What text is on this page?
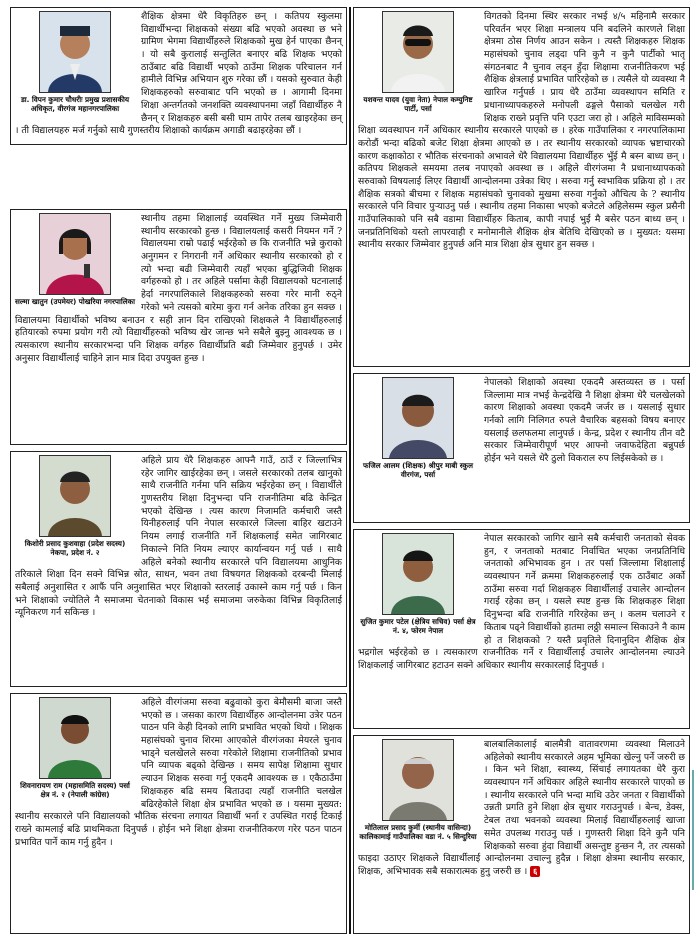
डा. विपन कुमार चौधरीः प्रमुख प्रशासकीय अधिकृत, वीरगंज महानगरपालिका

शैक्षिक क्षेत्रमा धेरै विकृतिहरु छन् । कतिपय स्कुलमा विद्यार्थीभन्दा शिक्षकको संख्या बढि भएको अवस्था छ भने ग्रामिण भेगमा विद्यार्थीहरुले शिक्षकको मुख हेर्न पाएका छैनन् । यो सबै कुरालाई सन्तुलित बनाएर बढि शिक्षक भएको ठाउँबाट बढि विद्यार्थी भएको ठाउँमा शिक्षक परिचालन गर्न हामीले विभिन्न अभियान शुरु गरेका छौं । यसको सुरुवात केही शिक्षकहरुको सरुवाबाट पनि भएको छ । आगामी दिनमा शिक्षा अन्तर्गतको जनशक्ति व्यवस्थापनमा जहाँ विद्यार्थीहरु नै छैनन् र शिक्षकहरु बसी बसी घाम तापेर तलब खाइरहेका छन् । ती विद्यालयहरु मर्ज गर्नुको साथै गुणस्तरीय शिक्षाको कार्यक्रम अगाडी बढाइरहेका छौं ।

सल्मा खातुन (उपमेयर) पोखरिया नगरपालिका

स्थानीय तहमा शिक्षालाई व्यवस्थित गर्ने मुख्य जिम्मेवारी स्थानीय सरकारको हुन्छ । विद्यालयलाई कसरी नियमन गर्ने ? विद्यालयमा राम्रो पढाई भईरहेको छ कि राजनीति भन्ने कुराको अनुगमन र निगरानी गर्ने अधिकार स्थानीय सरकारको हो र त्यो भन्दा बढी जिम्मेवारी त्यहाँ भएका बुद्धिजिवी शिक्षक वर्गहरुको हो । तर अहिले पर्सामा केही विद्यालयको घटनालाई हेर्दा नगरपालिकाले शिक्षकहरुको सरुवा गरेर मानी रुठ्ने गरेको भने त्यसको बारेमा कुरा गर्न अनेक तरिका हुन सक्छ । विद्यालयमा विद्यार्थीको भविष्य बनाउन र सही ज्ञान दिन राखिएको शिक्षकले नै विद्यार्थीहरुलाई हतियारको रुपमा प्रयोग गरी त्यो विद्यार्थीहरुको भविष्य खेर जान्छ भने सबैले बुझ्नु आवश्यक छ । त्यसकारण स्थानीय सरकारभन्दा पनि शिक्षक वर्गहरु विद्यार्थीप्रति बढी जिम्मेवार हुनुपर्छ । उमेर अनुसार विद्यार्थीलाई चाहिने ज्ञान मात्र दिदा उपयुक्त हुन्छ ।

किशोरी प्रसाद कुशवाहा (प्रदेश सदस्य) नेकपा, प्रदेश नं. २

अहिले प्राय धेरै शिक्षकहरु आफ्नै गाउँ, ठाउँ र जिल्लाभित्र रहेर जागिर खाईरहेका छन् । जसले सरकारको तलब खानुको साथै राजनीति गर्नमा पनि सक्रिय भईरहेका छन् । विद्यार्थीले गुणस्तरीय शिक्षा दिनुभन्दा पनि राजनीतिमा बढि केन्द्रित भएको देखिन्छ । त्यस कारण निजामति कर्मचारी जस्तै यिनीहरुलाई पनि नेपाल सरकारले जिल्ला बाहिर खटाउने नियम लगाई राजनीति गर्ने शिक्षकलाई समेत जागिरबाट निकाल्ने निति नियम ल्याएर कार्यान्वयन गर्नु पर्छ । साथै अहिले बनेको स्थानीय सरकारले पनि विद्यालयमा आधुनिक तरिकाले शिक्षा दिन सक्ने विभिन्न स्रोत, साधन, भवन तथा विषयगत शिक्षकको दरबन्दी मिलाई सबैलाई अनुशासित र आफैं पनि अनुशासित भएर शिक्षाको स्तरलाई उकास्ने काम गर्नु पर्छ । किन भने शिक्षाको ज्योतिले नै समाजमा चेतनाको विकास भई समाजमा जरुकेका विभिन्न विकृतिलाई न्यूनिकरण गर्न सकिन्छ ।

शिवनारायण राम (महासमिति सदस्य) पर्सा क्षेत्र नं. २ (नेपाली कांग्रेस)

अहिले वीरगंजमा सरुवा बढुवाको कुरा बेमौसमी बाजा जस्तै भएको छ । जसका कारण विद्यार्थीहरु आन्दोलनमा उत्रेर पठन पाठन पनि केही दिनको लागि प्रभावित भएको थियो । शिक्षक महासंघको चुनाव शिरमा आएकोले वीरगंजका मेयरले चुनाव भाड्ने चलखेलले सरुवा गरेकोले शिक्षामा राजनीतिको प्रभाव पनि व्यापक बढ्को देखिन्छ । समय सापेक्ष शिक्षामा सुधार ल्याउन शिक्षक सरुवा गर्नु एकदमै आवश्यक छ । एकैठाउँमा शिक्षकहरु बढि समय बिताउदा त्यहाँ राजनीति चलखेल बढिरहेकोले शिक्षा क्षेत्र प्रभावित भएको छ । यसमा मुख्यत: स्थानीय सरकारले पनि विद्यालयको भौतिक संरचना लगायत विद्यार्थी भर्ना र उपस्थित गराई टिकाई राख्ने कामलाई बढि प्राथमिकता दिनुपर्छ । होईन भने शिक्षा क्षेत्रमा राजनीतिकरण गरेर पठन पाठन प्रभावित पार्ने काम गर्नु हुदैन ।

यशवन्त यादव (युवा नेता) नेपाल कम्युनिष्ट पार्टी, पर्सा

विगतको दिनमा स्थिर सरकार नभई ४/५ महिनामै सरकार परिवर्तन भएर शिक्षा मन्त्रालय पनि बदलिने कारणले शिक्षा क्षेत्रमा ठोस निर्णय आउन सकेन । त्यस्तै शिक्षकहरु शिक्षक महासंघको चुनाव लड्दा पनि कुनै न कुनै पार्टीको भातृ संगठनबाट नै चुनाव लड्न हुँदा शिक्षामा राजनीतिकरण भई शैक्षिक क्षेत्रलाई प्रभावित पारिरहेको छ । त्यसैले यो व्यवस्था नै खारिज गर्नुपर्छ । प्राय धेरै ठाउँमा व्यवस्थापन समिति र प्रधानाध्यापकहरुले मनोपली ढङ्गले पैसाको चलखेल गरी शिक्षक राख्ने प्रवृत्ति पनि एउटा जरा हो । अहिले माविसम्मको शिक्षा व्यवस्थापन गर्ने अधिकार स्थानीय सरकारले पाएको छ । हरेक गाउँपालिका र नगरपालिकामा करोडौं भन्दा बढिको बजेट शिक्षा क्षेत्रमा आएको छ । तर स्थानीय सरकारको व्यापक भ्रष्टाचारको कारण कक्षाकोठा र भौतिक संरचनाको अभावले धेरै विद्यालयमा विद्यार्थीहरु भुँई मै बस्न बाध्य छन् । कतिपय शिक्षकले समयमा तलब नपाएको अवस्था छ । अहिले वीरगंजमा नै प्रधानाध्यापकको सरुवाको विषयलाई लिएर विद्यार्थी आन्दोलनमा उत्रेका थिए । सरुवा गर्नु स्वभाविक प्रक्रिया हो । तर शैक्षिक सत्रको बीचमा र शिक्षक महासंघको चुनावको मुखमा सरुवा गर्नुको औचित्य के ? स्थानीय सरकारले पनि विचार पुऱ्याउनु पर्छ । स्थानीय तहमा निकासा भएको बजेटले अहिलेसम्म स्कुल प्रसैनी गाउँपालिकाको पनि सबै वडामा विद्यार्थीहरु किताब, कापी नपाई भुईं मै बसेर पठन बाध्य छन् । जनप्रतिनिधिको यस्तो लापरवाही र मनोमानीले शैक्षिक क्षेत्र बेतिथि देखिएको छ । मुख्यत: यसमा स्थानीय सरकार जिम्मेवार हुनुपर्छ अनि मात्र शिक्षा क्षेत्र सुधार हुन सक्छ ।

फजिल आलम (शिक्षक) श्रीपुर माबी स्कुल वीरगंज, पर्सा

नेपालको शिक्षाको अवस्था एकदमै अस्तव्यस्त छ । पर्सा जिल्लामा मात्र नभई केन्द्रदेखि नै शिक्षा क्षेत्रमा धेरै चलखेलको कारण शिक्षाको अवस्था एकदमै जर्जर छ । यसलाई सुधार गर्नको लागि निलिगत रुपले वैचारिक बहसको विषय बनाएर यसलाई छलफलमा लानुपर्छ । केन्द्र, प्रदेश र स्थानीय तीन वटै सरकार जिम्मेवारीपूर्ण भएर आफ्नो जवाफदेहिता बन्नुपर्छ होईन भने यसले धेरै ठुलो विकराल रुप लिईसकेको छ ।

सुजित कुमार पटेल (क्षेत्रिय सचिव) पर्सा क्षेत्र नं. ४, फोरम नेपाल

नेपाल सरकारको जागिर खाने सबै कर्मचारी जनताको सेवक हुन, र जनताको मतबाट निर्वाचित भएका जनप्रतिनिधि जनताको अभिभावक हुन । तर पर्सा जिल्लामा शिक्षालाई व्यवस्थापन गर्ने क्रममा शिक्षकहरुलाई एक ठाउँबाट अर्को ठाउँमा सरुवा गर्दा शिक्षकहरु विद्यार्थीलाई उचालेर आन्दोलन गराई रहेका छन् । यसले स्पष्ट हुन्छ कि शिक्षकहरु शिक्षा दिनुभन्दा बढि राजनीति गरिरहेका छन् । कलम चलाउने र किताब पढ्ने विद्यार्थीको हातमा लठ्ठी समाल्न सिकाउने नै काम हो त शिक्षकको ? यस्तै प्रवृतिले दिनानुदिन शैक्षिक क्षेत्र भद्रगोल भईरहेको छ । त्यसकारण राजनीतिक गर्ने र विद्यार्थीलाई उचालेर आन्दोलनमा ल्याउने शिक्षकलाई जागिरबाट हटाउन सक्ने अधिकार स्थानीय सरकारलाई दिनुपर्छ ।

मोतिलाल प्रसाद कुर्मी (स्थानीय वासिन्दा) कालिकामाई गाउँपालिका वडा नं. ५ सिन्दुरिया

बालबालिकालाई बालमैत्री वातावरणमा व्यवस्था मिलाउने अहिलेको स्थानीय सरकारले अहम भूमिका खेल्नु पर्ने जरुरी छ । किन भने शिक्षा, स्वास्थ्य, सिंचाई लगायतका धेरै कुरा व्यवस्थापन गर्ने अधिकार अहिले स्थानीय सरकारले पाएको छ । स्थानीय सरकारले पनि भन्दा माथि उठेर जनता र विद्यार्थीको उन्नती प्रगति हुने शिक्षा क्षेत्र सुधार गराउनुपर्छ । बेन्च, डेक्स, टेबल तथा भवनको व्यवस्था मिलाई विद्यार्थीहरुलाई खाजा समेत उपलब्ध गराउनु पर्छ । गुणस्तरी शिक्षा दिने कुनै पनि शिक्षकको सरुवा हुंदा विद्यार्थी असन्तुष्ट हुन्छन नै, तर त्यसको फाइदा उठाएर शिक्षकले विद्यार्थीलाई आन्दोलनमा उचाल्नु हुदैन्न । शिक्षा क्षेत्रमा स्थानीय सरकार, शिक्षक, अभिभावक सबै सकारात्मक हुनु जरुरी छ । ६
